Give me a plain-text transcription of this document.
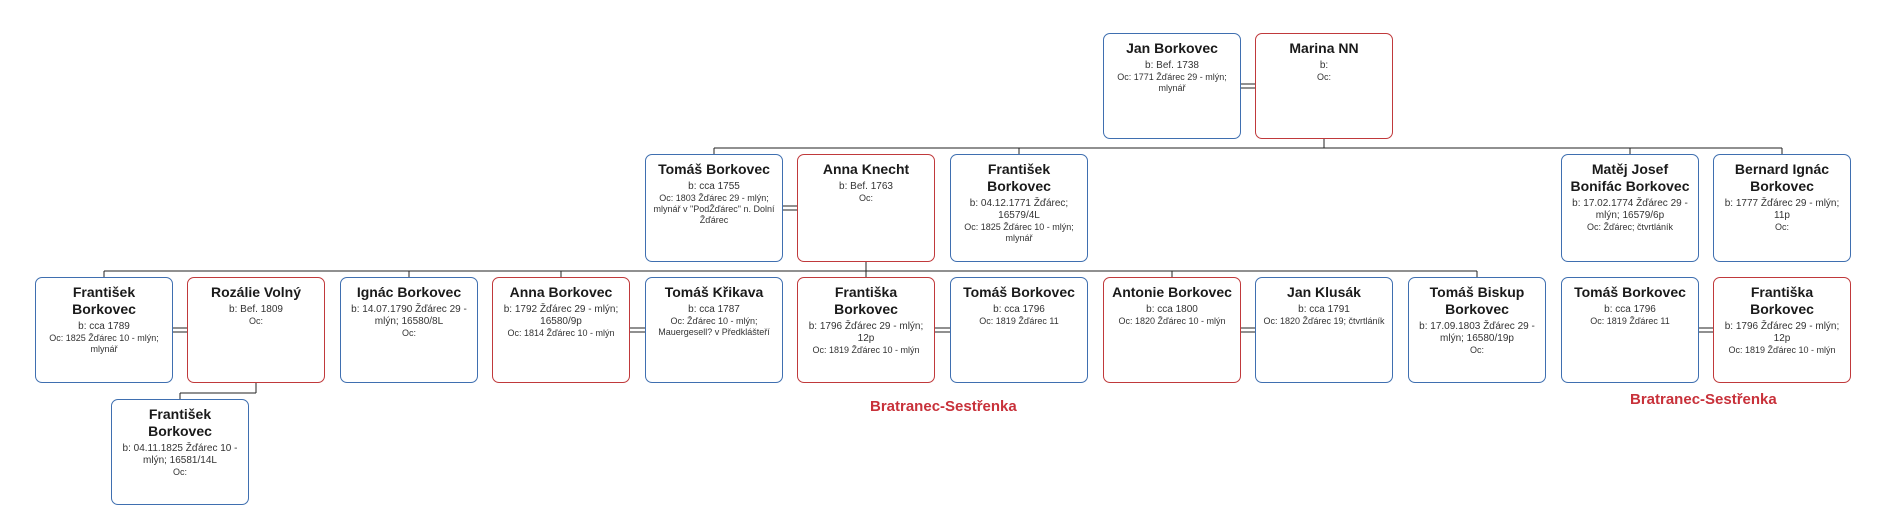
Jan Borkovec
b: Bef. 1738
Oc: 1771 Žďárec 29 - mlýn; mlynář
Marina NN
b:
Oc:
Tomáš Borkovec
b: cca 1755
Oc: 1803 Žďárec 29 - mlýn; mlynář v "PodŽďárec" n. Dolní Žďárec
Anna Knecht
b: Bef. 1763
Oc:
František Borkovec
b: 04.12.1771 Žďárec; 16579/4L
Oc: 1825 Žďárec 10 - mlýn; mlynář
Matěj Josef Bonifác Borkovec
b: 17.02.1774 Žďárec 29 - mlýn; 16579/6p
Oc: Žďárec; čtvrtláník
Bernard Ignác Borkovec
b: 1777 Žďárec 29 - mlýn; 11p
Oc:
František Borkovec
b: cca 1789
Oc: 1825 Žďárec 10 - mlýn; mlynář
Rozálie Volný
b: Bef. 1809
Oc:
Ignác Borkovec
b: 14.07.1790 Žďárec 29 - mlýn; 16580/8L
Oc:
Anna Borkovec
b: 1792 Žďárec 29 - mlýn; 16580/9p
Oc: 1814 Žďárec 10 - mlýn
Tomáš Křikava
b: cca 1787
Oc: Žďárec 10 - mlýn; Mauergesell? v Předklášteří
Františka Borkovec
b: 1796 Žďárec 29 - mlýn; 12p
Oc: 1819 Žďárec 10 - mlýn
Tomáš Borkovec
b: cca 1796
Oc: 1819 Žďárec 11
Antonie Borkovec
b: cca 1800
Oc: 1820 Žďárec 10 - mlýn
Jan Klusák
b: cca 1791
Oc: 1820 Žďárec 19; čtvrtláník
Tomáš Biskup Borkovec
b: 17.09.1803 Žďárec 29 - mlýn; 16580/19p
Oc:
Tomáš Borkovec
b: cca 1796
Oc: 1819 Žďárec 11
Františka Borkovec
b: 1796 Žďárec 29 - mlýn; 12p
Oc: 1819 Žďárec 10 - mlýn
František Borkovec
b: 04.11.1825 Žďárec 10 - mlýn; 16581/14L
Oc:
Bratranec-Sestřenka	Bratranec-Sestřenka
